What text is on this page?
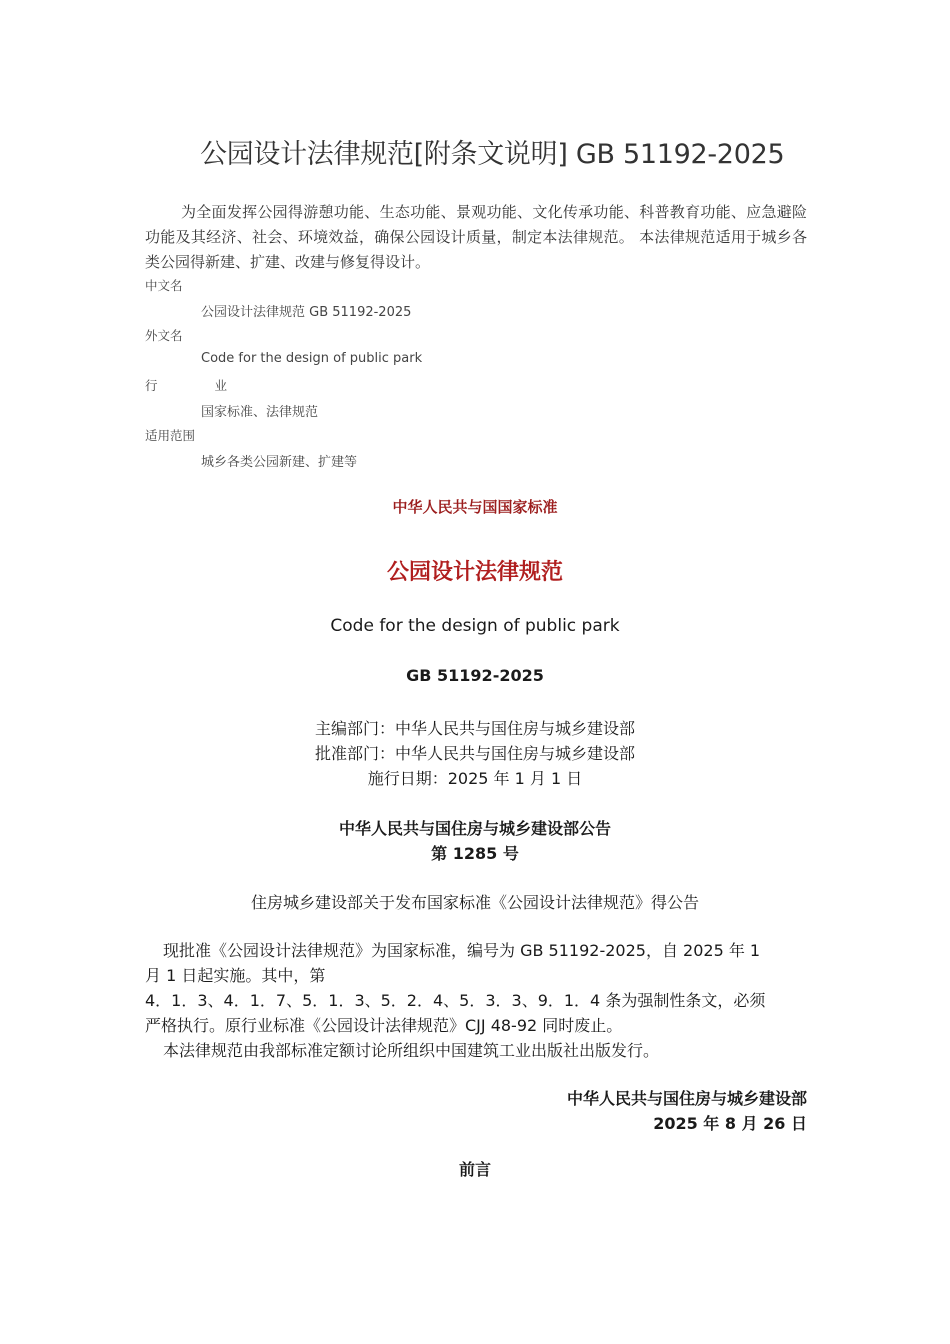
公园设计法律规范[附条文说明] GB 51192-2025
为全面发挥公园得游憩功能、生态功能、景观功能、文化传承功能、科普教育功能、应急避险功能及其经济、社会、环境效益，确保公园设计质量，制定本法律规范。 本法律规范适用于城乡各类公园得新建、扩建、改建与修复得设计。
中文名
公园设计法律规范 GB 51192-2025
外文名
Code for the design of public park
行	业
国家标准、法律规范
适用范围
城乡各类公园新建、扩建等
中华人民共与国国家标准
公园设计法律规范
Code for the design of public park
GB 51192-2025
主编部门：中华人民共与国住房与城乡建设部
批准部门：中华人民共与国住房与城乡建设部
施行日期：2025 年 1 月 1 日
中华人民共与国住房与城乡建设部公告
第 1285 号
住房城乡建设部关于发布国家标准《公园设计法律规范》得公告
现批准《公园设计法律规范》为国家标准，编号为 GB 51192-2025，自 2025 年 1
月 1 日起实施。其中，第
4．1．3、4．1．7、5．1．3、5．2．4、5．3．3、9．1．4 条为强制性条文，必须
严格执行。原行业标准《公园设计法律规范》CJJ 48-92 同时废止。
本法律规范由我部标准定额讨论所组织中国建筑工业出版社出版发行。
中华人民共与国住房与城乡建设部
2025 年 8 月 26 日
前言
